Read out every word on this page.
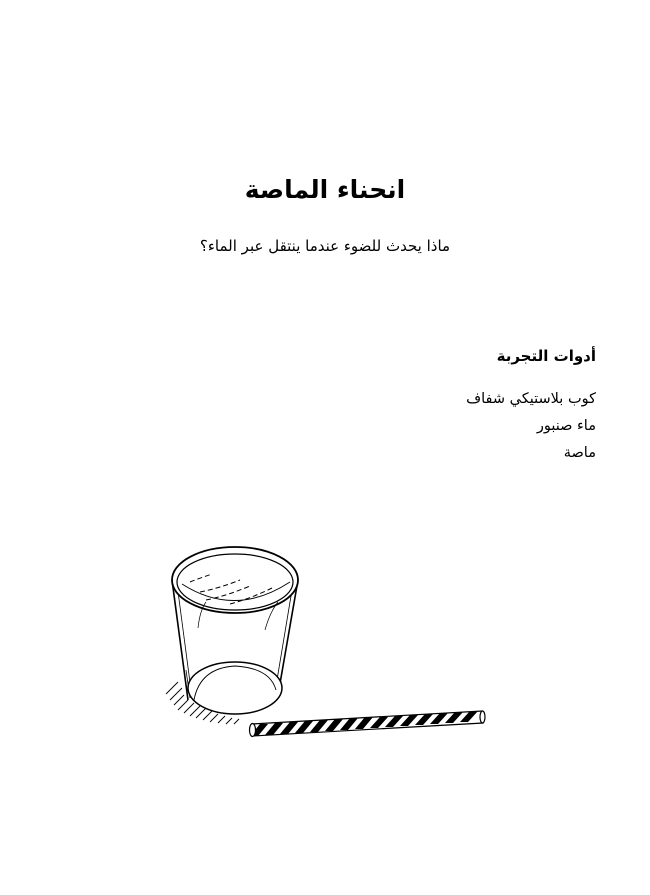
انحناء الماصة
ماذا يحدث للضوء عندما ينتقل عبر الماء؟
أدوات التجربة
كوب بلاستيكي شفاف
ماء صنبور
ماصة
